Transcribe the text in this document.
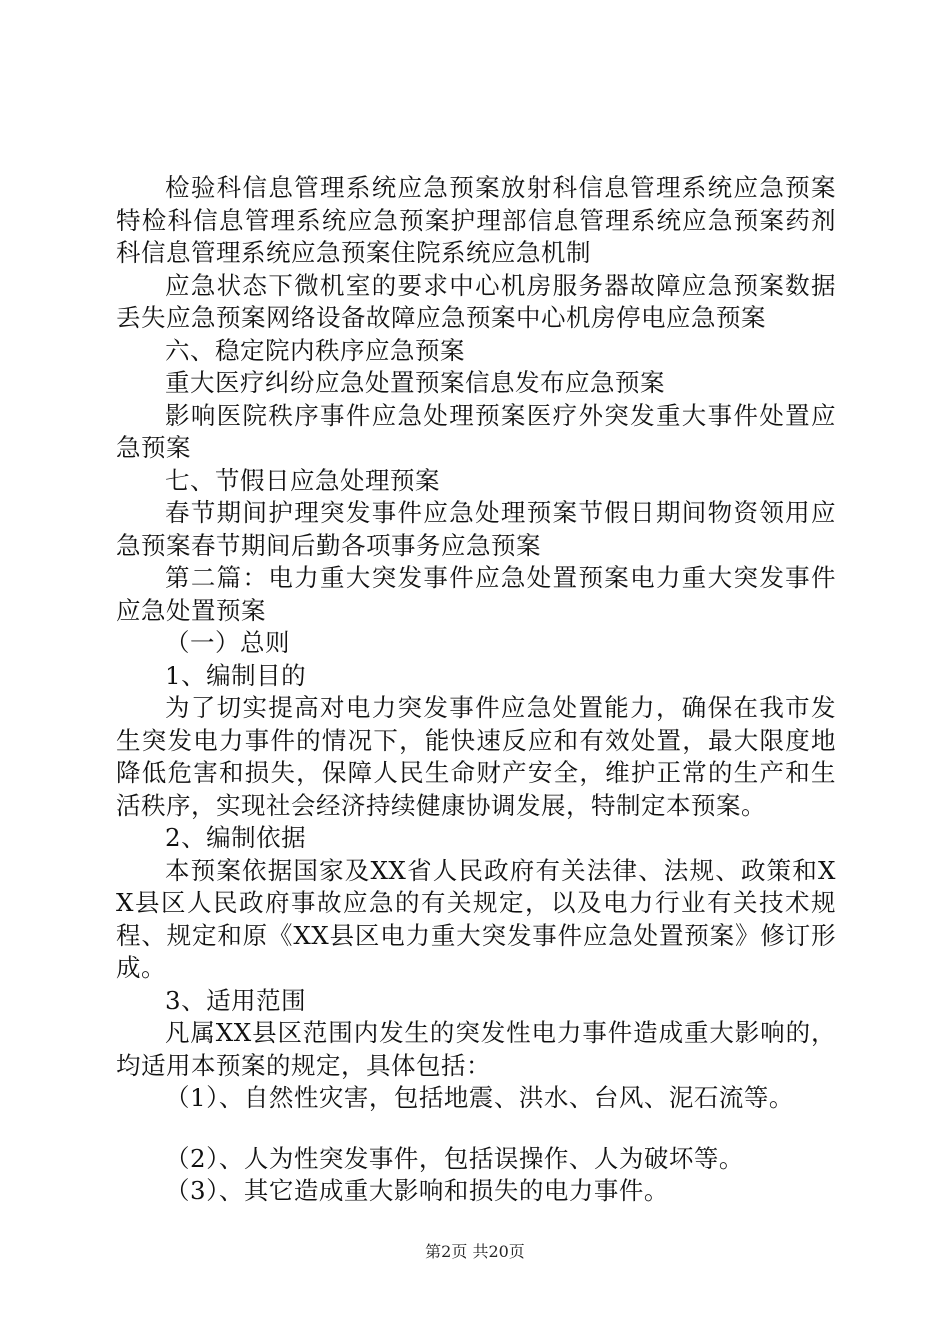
检验科信息管理系统应急预案放射科信息管理系统应急预案特检科信息管理系统应急预案护理部信息管理系统应急预案药剂科信息管理系统应急预案住院系统应急机制

应急状态下微机室的要求中心机房服务器故障应急预案数据丢失应急预案网络设备故障应急预案中心机房停电应急预案

六、稳定院内秩序应急预案

重大医疗纠纷应急处置预案信息发布应急预案

影响医院秩序事件应急处理预案医疗外突发重大事件处置应急预案

七、节假日应急处理预案

春节期间护理突发事件应急处理预案节假日期间物资领用应急预案春节期间后勤各项事务应急预案

第二篇：电力重大突发事件应急处置预案电力重大突发事件应急处置预案

（一）总则

1、编制目的

为了切实提高对电力突发事件应急处置能力，确保在我市发生突发电力事件的情况下，能快速反应和有效处置，最大限度地降低危害和损失，保障人民生命财产安全，维护正常的生产和生活秩序，实现社会经济持续健康协调发展，特制定本预案。

2、编制依据

本预案依据国家及XX省人民政府有关法律、法规、政策和XX县区人民政府事故应急的有关规定，以及电力行业有关技术规程、规定和原《XX县区电力重大突发事件应急处置预案》修订形成。

3、适用范围

凡属XX县区范围内发生的突发性电力事件造成重大影响的，均适用本预案的规定，具体包括：

（1）、自然性灾害，包括地震、洪水、台风、泥石流等。

（2）、人为性突发事件，包括误操作、人为破坏等。

（3）、其它造成重大影响和损失的电力事件。

第2页 共20页
